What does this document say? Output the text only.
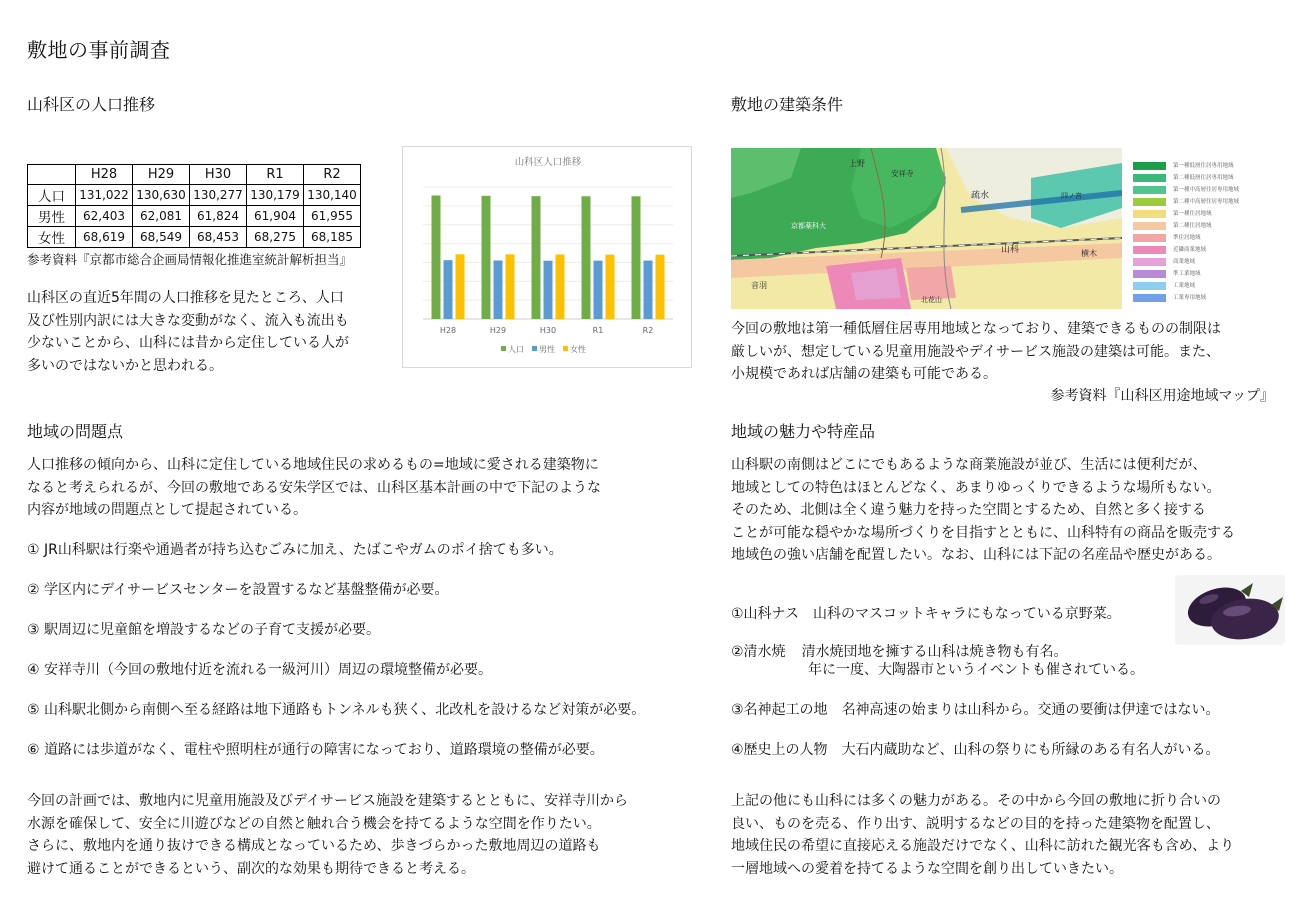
敷地の事前調査
山科区の人口推移
	H28	H29	H30	R1	R2
人口	131,022	130,630	130,277	130,179	130,140
男性	62,403	62,081	61,824	61,904	61,955
女性	68,619	68,549	68,453	68,275	68,185
参考資料『京都市総合企画局情報化推進室統計解析担当』
山科区の直近5年間の人口推移を見たところ、人口
及び性別内訳には大きな変動がなく、流入も流出も
少ないことから、山科には昔から定住している人が
多いのではないかと思われる。
山科区人口推移
H28	H29	H30	R1	R2
人口 男性 女性
敷地の建築条件
上野
安祥寺
疏水
山科	横木
四ノ宮
音羽
京都薬科大
北花山
第一種低層住居専用地域
第二種低層住居専用地域
第一種中高層住居専用地域
第二種中高層住居専用地域
第一種住居地域
第二種住居地域
準住居地域
近隣商業地域
商業地域
準工業地域
工業地域
工業専用地域
今回の敷地は第一種低層住居専用地域となっており、建築できるものの制限は
厳しいが、想定している児童用施設やデイサービス施設の建築は可能。また、
小規模であれば店舗の建築も可能である。
参考資料『山科区用途地域マップ』
地域の問題点
人口推移の傾向から、山科に定住している地域住民の求めるもの=地域に愛される建築物に
なると考えられるが、今回の敷地である安朱学区では、山科区基本計画の中で下記のような
内容が地域の問題点として提起されている。
① JR山科駅は行楽や通過者が持ち込むごみに加え、たばこやガムのポイ捨ても多い。
② 学区内にデイサービスセンターを設置するなど基盤整備が必要。
③ 駅周辺に児童館を増設するなどの子育て支援が必要。
④ 安祥寺川（今回の敷地付近を流れる一級河川）周辺の環境整備が必要。
⑤ 山科駅北側から南側へ至る経路は地下通路もトンネルも狭く、北改札を設けるなど対策が必要。
⑥ 道路には歩道がなく、電柱や照明柱が通行の障害になっており、道路環境の整備が必要。
今回の計画では、敷地内に児童用施設及びデイサービス施設を建築するとともに、安祥寺川から
水源を確保して、安全に川遊びなどの自然と触れ合う機会を持てるような空間を作りたい。
さらに、敷地内を通り抜けできる構成となっているため、歩きづらかった敷地周辺の道路も
避けて通ることができるという、副次的な効果も期待できると考える。
地域の魅力や特産品
山科駅の南側はどこにでもあるような商業施設が並び、生活には便利だが、
地域としての特色はほとんどなく、あまりゆっくりできるような場所もない。
そのため、北側は全く違う魅力を持った空間とするため、自然と多く接する
ことが可能な穏やかな場所づくりを目指すとともに、山科特有の商品を販売する
地域色の強い店舗を配置したい。なお、山科には下記の名産品や歴史がある。
①山科ナス 山科のマスコットキャラにもなっている京野菜。
②清水焼 清水焼団地を擁する山科は焼き物も有名。
年に一度、大陶器市というイベントも催されている。
③名神起工の地 名神高速の始まりは山科から。交通の要衝は伊達ではない。
④歴史上の人物 大石内蔵助など、山科の祭りにも所縁のある有名人がいる。
上記の他にも山科には多くの魅力がある。その中から今回の敷地に折り合いの
良い、ものを売る、作り出す、説明するなどの目的を持った建築物を配置し、
地域住民の希望に直接応える施設だけでなく、山科に訪れた観光客も含め、より
一層地域への愛着を持てるような空間を創り出していきたい。
